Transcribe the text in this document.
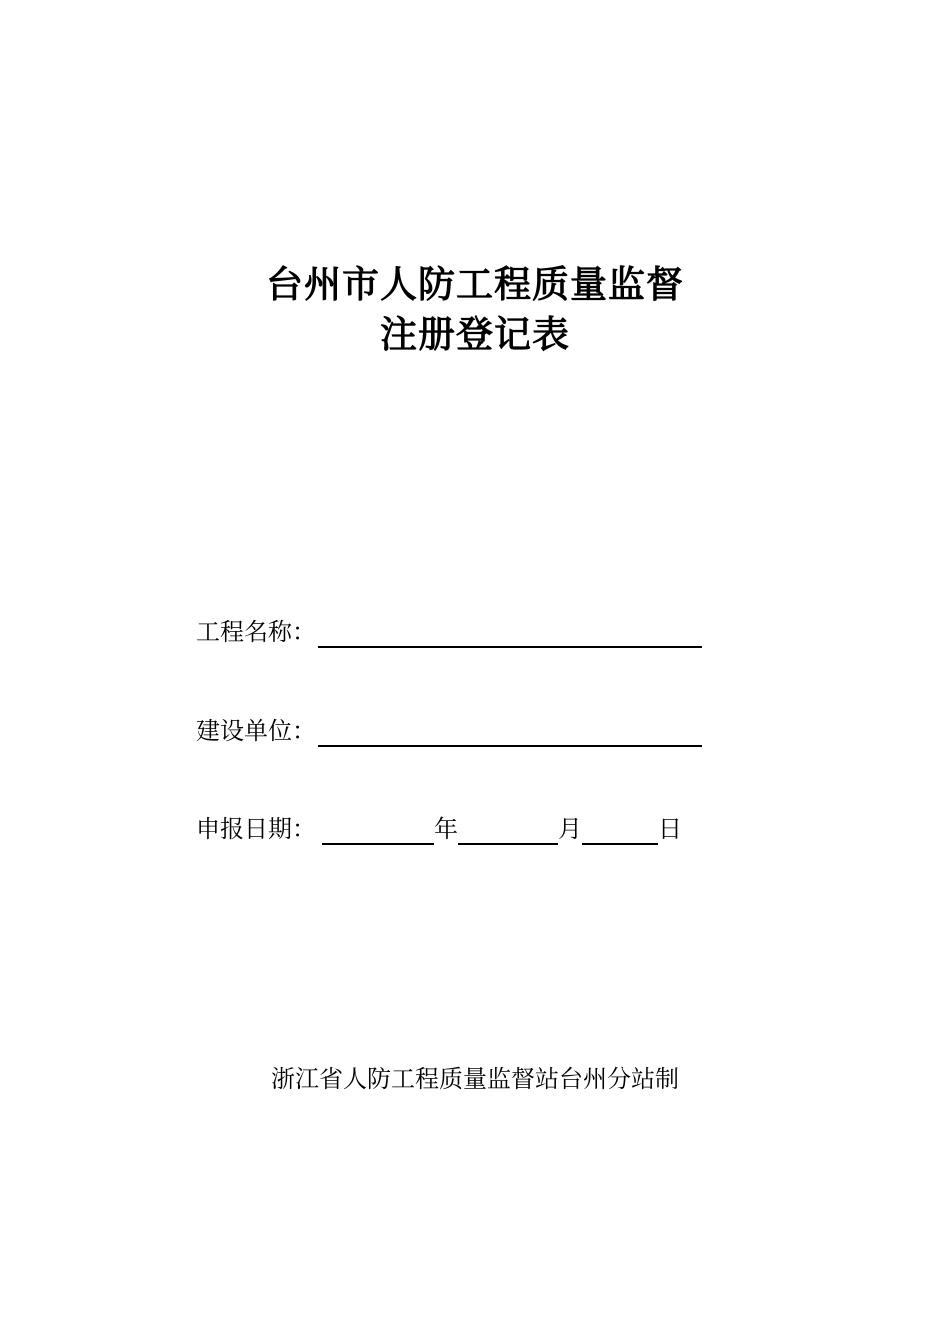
台州市人防工程质量监督
注册登记表
工程名称：
建设单位：
申报日期：	年	月	日
浙江省人防工程质量监督站台州分站制
